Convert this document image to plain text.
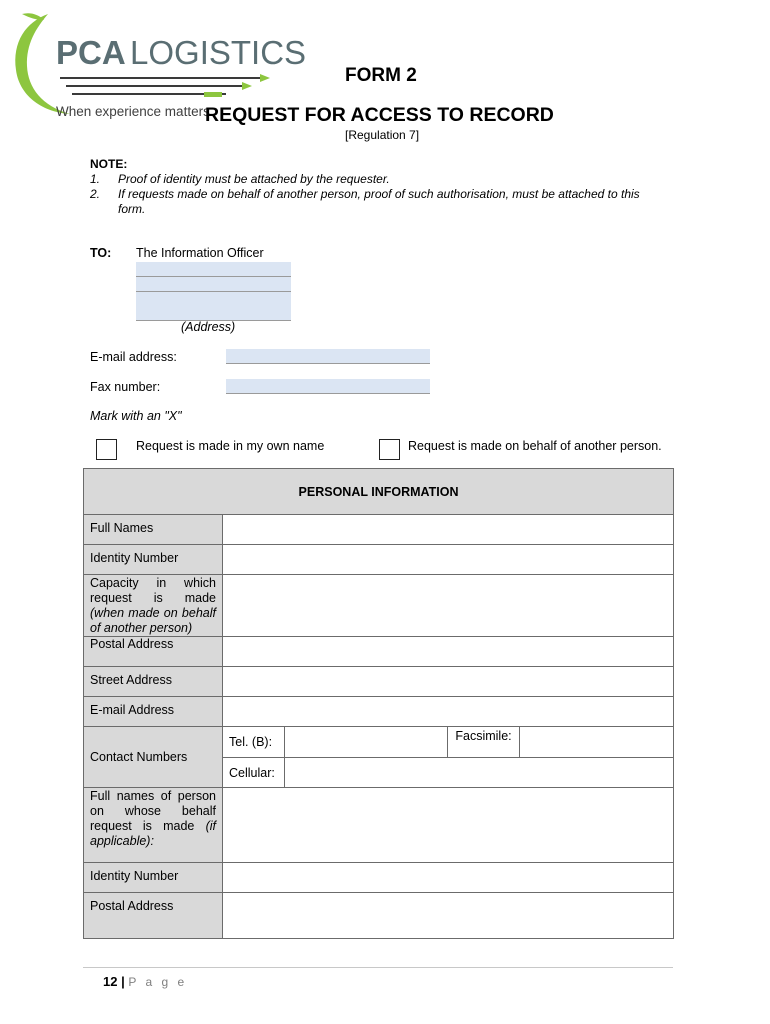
PCA LOGISTICS
When experience matters.
FORM 2
REQUEST FOR ACCESS TO RECORD
[Regulation 7]
NOTE:
1. Proof of identity must be attached by the requester.
2. If requests made on behalf of another person, proof of such authorisation, must be attached to this form.
TO: The Information Officer
(Address)
E-mail address:
Fax number:
Mark with an "X"
Request is made in my own name	Request is made on behalf of another person.
PERSONAL INFORMATION				
Full Names				
Identity Number				
Capacity in which request is made (when made on behalf of another person)				
Postal Address				
Street Address				
E-mail Address				
Contact Numbers	Tel. (B):		Facsimile:	
	Cellular:			
Full names of person on whose behalf request is made (if applicable):				
Identity Number				
Postal Address				
12 | P a g e
